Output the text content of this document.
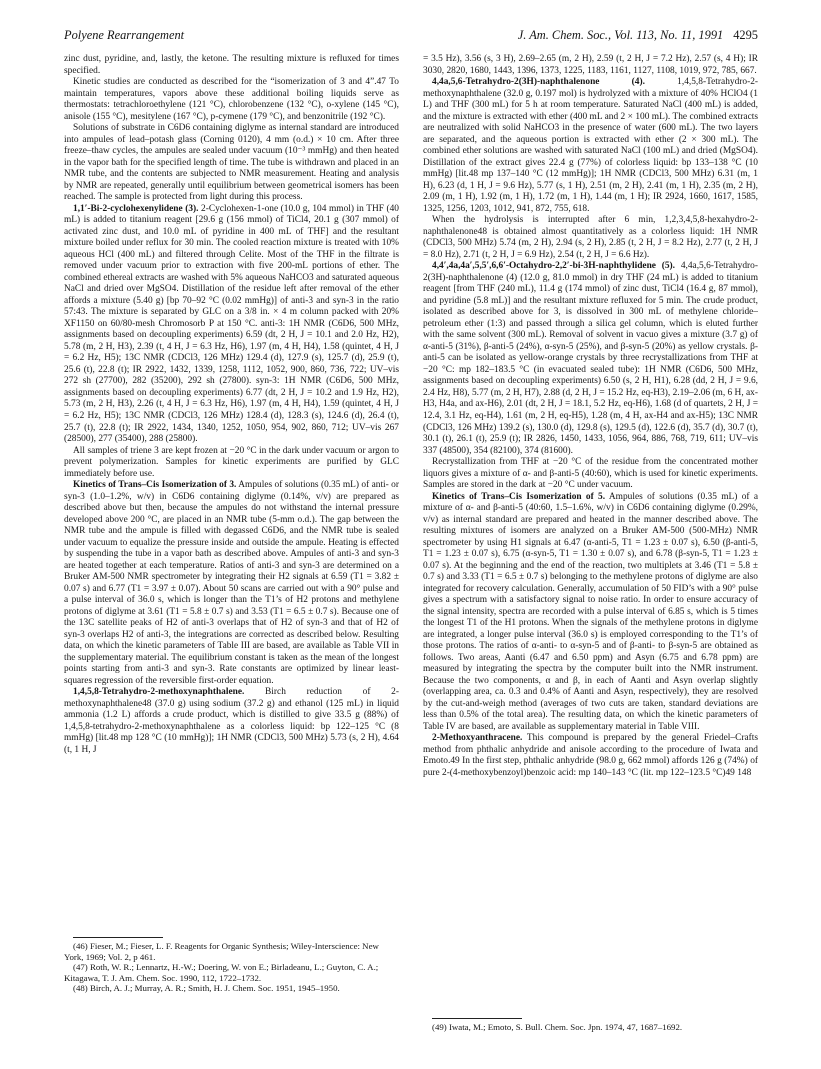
Polyene Rearrangement	J. Am. Chem. Soc., Vol. 113, No. 11, 1991 4295

zinc dust, pyridine, and, lastly, the ketone. The resulting mixture is refluxed for times specified.

Kinetic studies are conducted as described for the “isomerization of 3 and 4”.47 To maintain temperatures, vapors above these additional boiling liquids serve as thermostats: tetrachloroethylene (121 °C), chlorobenzene (132 °C), o-xylene (145 °C), anisole (155 °C), mesitylene (167 °C), p-cymene (179 °C), and benzonitrile (192 °C).

Solutions of substrate in C6D6 containing diglyme as internal standard are introduced into ampules of lead–potash glass (Corning 0120), 4 mm (o.d.) × 10 cm. After three freeze–thaw cycles, the ampules are sealed under vacuum (10⁻³ mmHg) and then heated in the vapor bath for the specified length of time. The tube is withdrawn and placed in an NMR tube, and the contents are subjected to NMR measurement. Heating and analysis by NMR are repeated, generally until equilibrium between geometrical isomers has been reached. The sample is protected from light during this process.

1,1′-Bi-2-cyclohexenylidene (3). 2-Cyclohexen-1-one (10.0 g, 104 mmol) in THF (40 mL) is added to titanium reagent [29.6 g (156 mmol) of TiCl4, 20.1 g (307 mmol) of activated zinc dust, and 10.0 mL of pyridine in 400 mL of THF] and the resultant mixture boiled under reflux for 30 min. The cooled reaction mixture is treated with 10% aqueous HCl (400 mL) and filtered through Celite. Most of the THF in the filtrate is removed under vacuum prior to extraction with five 200-mL portions of ether. The combined ethereal extracts are washed with 5% aqueous NaHCO3 and saturated aqueous NaCl and dried over MgSO4. Distillation of the residue left after removal of the ether affords a mixture (5.40 g) [bp 70–92 °C (0.02 mmHg)] of anti-3 and syn-3 in the ratio 57:43. The mixture is separated by GLC on a 3/8 in. × 4 m column packed with 20% XF1150 on 60/80-mesh Chromosorb P at 150 °C. anti-3: 1H NMR (C6D6, 500 MHz, assignments based on decoupling experiments) 6.59 (dt, 2 H, J = 10.1 and 2.0 Hz, H2), 5.78 (m, 2 H, H3), 2.39 (t, 4 H, J = 6.3 Hz, H6), 1.97 (m, 4 H, H4), 1.58 (quintet, 4 H, J = 6.2 Hz, H5); 13C NMR (CDCl3, 126 MHz) 129.4 (d), 127.9 (s), 125.7 (d), 25.9 (t), 25.6 (t), 22.8 (t); IR 2922, 1432, 1339, 1258, 1112, 1052, 900, 860, 736, 722; UV–vis 272 sh (27700), 282 (35200), 292 sh (27800). syn-3: 1H NMR (C6D6, 500 MHz, assignments based on decoupling experiments) 6.77 (dt, 2 H, J = 10.2 and 1.9 Hz, H2), 5.73 (m, 2 H, H3), 2.26 (t, 4 H, J = 6.3 Hz, H6), 1.97 (m, 4 H, H4), 1.59 (quintet, 4 H, J = 6.2 Hz, H5); 13C NMR (CDCl3, 126 MHz) 128.4 (d), 128.3 (s), 124.6 (d), 26.4 (t), 25.7 (t), 22.8 (t); IR 2922, 1434, 1340, 1252, 1050, 954, 902, 860, 712; UV–vis 267 (28500), 277 (35400), 288 (25800).

All samples of triene 3 are kept frozen at −20 °C in the dark under vacuum or argon to prevent polymerization. Samples for kinetic experiments are purified by GLC immediately before use.

Kinetics of Trans–Cis Isomerization of 3. Ampules of solutions (0.35 mL) of anti- or syn-3 (1.0–1.2%, w/v) in C6D6 containing diglyme (0.14%, v/v) are prepared as described above but then, because the ampules do not withstand the internal pressure developed above 200 °C, are placed in an NMR tube (5-mm o.d.). The gap between the NMR tube and the ampule is filled with degassed C6D6, and the NMR tube is sealed under vacuum to equalize the pressure inside and outside the ampule. Heating is effected by suspending the tube in a vapor bath as described above. Ampules of anti-3 and syn-3 are heated together at each temperature. Ratios of anti-3 and syn-3 are determined on a Bruker AM-500 NMR spectrometer by integrating their H2 signals at 6.59 (T1 = 3.82 ± 0.07 s) and 6.77 (T1 = 3.97 ± 0.07). About 50 scans are carried out with a 90° pulse and a pulse interval of 36.0 s, which is longer than the T1’s of H2 protons and methylene protons of diglyme at 3.61 (T1 = 5.8 ± 0.7 s) and 3.53 (T1 = 6.5 ± 0.7 s). Because one of the 13C satellite peaks of H2 of anti-3 overlaps that of H2 of syn-3 and that of H2 of syn-3 overlaps H2 of anti-3, the integrations are corrected as described below. Resulting data, on which the kinetic parameters of Table III are based, are available as Table VII in the supplementary material. The equilibrium constant is taken as the mean of the longest points starting from anti-3 and syn-3. Rate constants are optimized by linear least-squares regression of the reversible first-order equation.

1,4,5,8-Tetrahydro-2-methoxynaphthalene. Birch reduction of 2-methoxynaphthalene48 (37.0 g) using sodium (37.2 g) and ethanol (125 mL) in liquid ammonia (1.2 L) affords a crude product, which is distilled to give 33.5 g (88%) of 1,4,5,8-tetrahydro-2-methoxynaphthalene as a colorless liquid: bp 122–125 °C (8 mmHg) [lit.48 mp 128 °C (10 mmHg)]; 1H NMR (CDCl3, 500 MHz) 5.73 (s, 2 H), 4.64 (t, 1 H, J

= 3.5 Hz), 3.56 (s, 3 H), 2.69–2.65 (m, 2 H), 2.59 (t, 2 H, J = 7.2 Hz), 2.57 (s, 4 H); IR 3030, 2820, 1680, 1443, 1396, 1373, 1225, 1183, 1161, 1127, 1108, 1019, 972, 785, 667.

4,4a,5,6-Tetrahydro-2(3H)-naphthalenone (4). 1,4,5,8-Tetrahydro-2-methoxynaphthalene (32.0 g, 0.197 mol) is hydrolyzed with a mixture of 40% HClO4 (1 L) and THF (300 mL) for 5 h at room temperature. Saturated NaCl (400 mL) is added, and the mixture is extracted with ether (400 mL and 2 × 100 mL). The combined extracts are neutralized with solid NaHCO3 in the presence of water (600 mL). The two layers are separated, and the aqueous portion is extracted with ether (2 × 300 mL). The combined ether solutions are washed with saturated NaCl (100 mL) and dried (MgSO4). Distillation of the extract gives 22.4 g (77%) of colorless liquid: bp 133–138 °C (10 mmHg) [lit.48 mp 137–140 °C (12 mmHg)]; 1H NMR (CDCl3, 500 MHz) 6.31 (m, 1 H), 6.23 (d, 1 H, J = 9.6 Hz), 5.77 (s, 1 H), 2.51 (m, 2 H), 2.41 (m, 1 H), 2.35 (m, 2 H), 2.09 (m, 1 H), 1.92 (m, 1 H), 1.72 (m, 1 H), 1.44 (m, 1 H); IR 2924, 1660, 1617, 1585, 1325, 1256, 1203, 1012, 941, 872, 755, 618.

When the hydrolysis is interrupted after 6 min, 1,2,3,4,5,8-hexahydro-2-naphthalenone48 is obtained almost quantitatively as a colorless liquid: 1H NMR (CDCl3, 500 MHz) 5.74 (m, 2 H), 2.94 (s, 2 H), 2.85 (t, 2 H, J = 8.2 Hz), 2.77 (t, 2 H, J = 8.0 Hz), 2.71 (t, 2 H, J = 6.9 Hz), 2.54 (t, 2 H, J = 6.6 Hz).

4,4′,4a,4a′,5,5′,6,6′-Octahydro-2,2′-bi-3H-naphthylidene (5). 4,4a,5,6-Tetrahydro-2(3H)-naphthalenone (4) (12.0 g, 81.0 mmol) in dry THF (24 mL) is added to titanium reagent [from THF (240 mL), 11.4 g (174 mmol) of zinc dust, TiCl4 (16.4 g, 87 mmol), and pyridine (5.8 mL)] and the resultant mixture refluxed for 5 min. The crude product, isolated as described above for 3, is dissolved in 300 mL of methylene chloride–petroleum ether (1:3) and passed through a silica gel column, which is eluted further with the same solvent (300 mL). Removal of solvent in vacuo gives a mixture (3.7 g) of α-anti-5 (31%), β-anti-5 (24%), α-syn-5 (25%), and β-syn-5 (20%) as yellow crystals. β-anti-5 can be isolated as yellow-orange crystals by three recrystallizations from THF at −20 °C: mp 182–183.5 °C (in evacuated sealed tube): 1H NMR (C6D6, 500 MHz, assignments based on decoupling experiments) 6.50 (s, 2 H, H1), 6.28 (dd, 2 H, J = 9.6, 2.4 Hz, H8), 5.77 (m, 2 H, H7), 2.88 (d, 2 H, J = 15.2 Hz, eq-H3), 2.19–2.06 (m, 6 H, ax-H3, H4a, and ax-H6), 2.01 (dt, 2 H, J = 18.1, 5.2 Hz, eq-H6), 1.68 (d of quartets, 2 H, J = 12.4, 3.1 Hz, eq-H4), 1.61 (m, 2 H, eq-H5), 1.28 (m, 4 H, ax-H4 and ax-H5); 13C NMR (CDCl3, 126 MHz) 139.2 (s), 130.0 (d), 129.8 (s), 129.5 (d), 122.6 (d), 35.7 (d), 30.7 (t), 30.1 (t), 26.1 (t), 25.9 (t); IR 2826, 1450, 1433, 1056, 964, 886, 768, 719, 611; UV–vis 337 (48500), 354 (82100), 374 (81600).

Recrystallization from THF at −20 °C of the residue from the concentrated mother liquors gives a mixture of α- and β-anti-5 (40:60), which is used for kinetic experiments. Samples are stored in the dark at −20 °C under vacuum.

Kinetics of Trans–Cis Isomerization of 5. Ampules of solutions (0.35 mL) of a mixture of α- and β-anti-5 (40:60, 1.5–1.6%, w/v) in C6D6 containing diglyme (0.29%, v/v) as internal standard are prepared and heated in the manner described above. The resulting mixtures of isomers are analyzed on a Bruker AM-500 (500-MHz) NMR spectrometer by using H1 signals at 6.47 (α-anti-5, T1 = 1.23 ± 0.07 s), 6.50 (β-anti-5, T1 = 1.23 ± 0.07 s), 6.75 (α-syn-5, T1 = 1.30 ± 0.07 s), and 6.78 (β-syn-5, T1 = 1.23 ± 0.07 s). At the beginning and the end of the reaction, two multiplets at 3.46 (T1 = 5.8 ± 0.7 s) and 3.33 (T1 = 6.5 ± 0.7 s) belonging to the methylene protons of diglyme are also integrated for recovery calculation. Generally, accumulation of 50 FID’s with a 90° pulse gives a spectrum with a satisfactory signal to noise ratio. In order to ensure accuracy of the signal intensity, spectra are recorded with a pulse interval of 6.85 s, which is 5 times the longest T1 of the H1 protons. When the signals of the methylene protons in diglyme are integrated, a longer pulse interval (36.0 s) is employed corresponding to the T1’s of those protons. The ratios of α-anti- to α-syn-5 and of β-anti- to β-syn-5 are obtained as follows. Two areas, Aanti (6.47 and 6.50 ppm) and Asyn (6.75 and 6.78 ppm) are measured by integrating the spectra by the computer built into the NMR instrument. Because the two components, α and β, in each of Aanti and Asyn overlap slightly (overlapping area, ca. 0.3 and 0.4% of Aanti and Asyn, respectively), they are resolved by the cut-and-weigh method (averages of two cuts are taken, standard deviations are less than 0.5% of the total area). The resulting data, on which the kinetic parameters of Table IV are based, are available as supplementary material in Table VIII.

2-Methoxyanthracene. This compound is prepared by the general Friedel–Crafts method from phthalic anhydride and anisole according to the procedure of Iwata and Emoto.49 In the first step, phthalic anhydride (98.0 g, 662 mmol) affords 126 g (74%) of pure 2-(4-methoxybenzoyl)benzoic acid: mp 140–143 °C (lit. mp 122–123.5 °C)49 148

(46) Fieser, M.; Fieser, L. F. Reagents for Organic Synthesis; Wiley-Interscience: New York, 1969; Vol. 2, p 461.

(47) Roth, W. R.; Lennartz, H.-W.; Doering, W. von E.; Birladeanu, L.; Guyton, C. A.; Kitagawa, T. J. Am. Chem. Soc. 1990, 112, 1722–1732.

(48) Birch, A. J.; Murray, A. R.; Smith, H. J. Chem. Soc. 1951, 1945–1950.

(49) Iwata, M.; Emoto, S. Bull. Chem. Soc. Jpn. 1974, 47, 1687–1692.
